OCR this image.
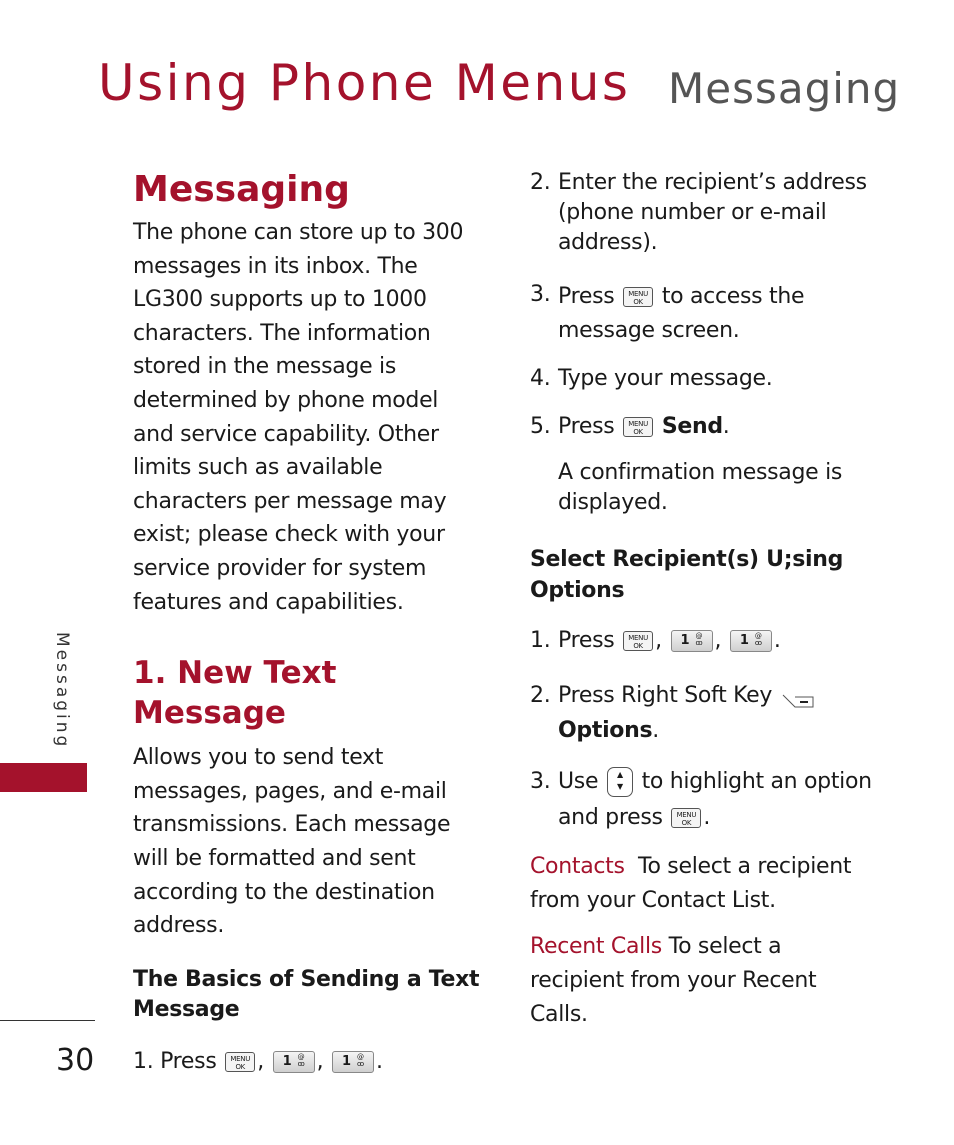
Using Phone Menus Messaging
Messaging
30
Messaging

The phone can store up to 300 messages in its inbox. The LG300 supports up to 1000 characters. The information stored in the message is determined by phone model and service capability. Other limits such as available characters per message may exist; please check with your service provider for system features and capabilities.

1. New Text Message

Allows you to send text messages, pages, and e-mail transmissions. Each message will be formatted and sent according to the destination address.

The Basics of Sending a Text Message
1. Press MENU
OK , 1 @
ꝏ , 1 @
ꝏ .
2. Enter the recipient’s address (phone number or e-mail address).
3. Press MENU
OK to access the message screen.
4. Type your message.
5. Press MENU
OK Send.

A confirmation message is displayed.

Select Recipient(s) U;sing Options
1. Press MENU
OK , 1 @
ꝏ , 1 @
ꝏ .
2. Press Right Soft Key
Options.
3. Use ▲
▼ to highlight an option and press MENU
OK .

Contacts To select a recipient from your Contact List.

Recent Calls To select a recipient from your Recent Calls.
